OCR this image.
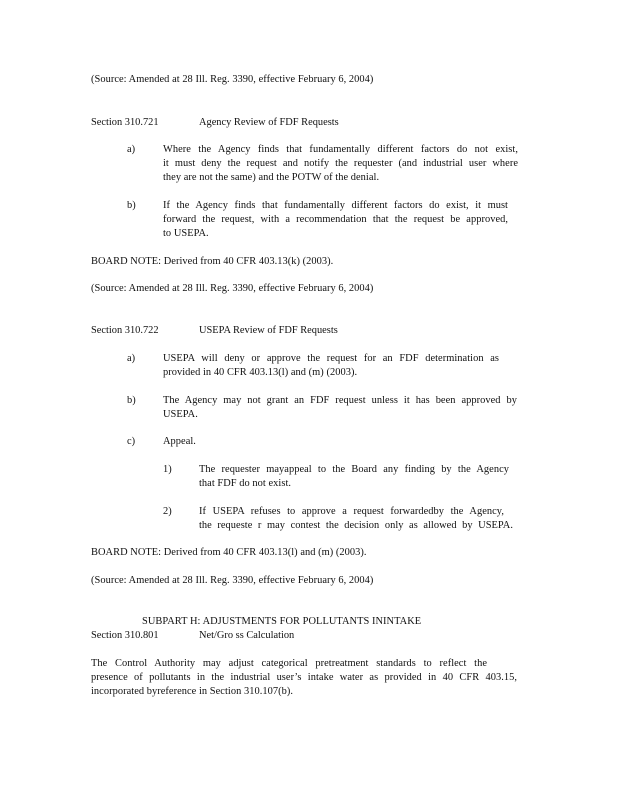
(Source: Amended at 28 Ill. Reg. 3390, effective February 6, 2004)
Section 310.721	Agency Review of FDF Requests
a)	Where the Agency finds that fundamentally different factors do not exist,
it must deny the request and notify the requester (and industrial user where
they are not the same) and the POTW of the denial.
b)	If the Agency finds that fundamentally different factors do exist, it must
forward the request, with a recommendation that the request be approved,
to USEPA.
BOARD NOTE: Derived from 40 CFR 403.13(k) (2003).
(Source: Amended at 28 Ill. Reg. 3390, effective February 6, 2004)
Section 310.722	USEPA Review of FDF Requests
a)	USEPA will deny or approve the request for an FDF determination as
provided in 40 CFR 403.13(l) and (m) (2003).
b)	The Agency may not grant an FDF request unless it has been approved by
USEPA.
c)	Appeal.
1)	The requester mayappeal to the Board any finding by the Agency
that FDF do not exist.
2)	If USEPA refuses to approve a request forwardedby the Agency,
the requeste r may contest the decision only as allowed by USEPA.
BOARD NOTE: Derived from 40 CFR 403.13(l) and (m) (2003).
(Source: Amended at 28 Ill. Reg. 3390, effective February 6, 2004)
SUBPART H: ADJUSTMENTS FOR POLLUTANTS ININTAKE
Section 310.801	Net/Gro ss Calculation
The Control Authority may adjust categorical pretreatment standards to reflect the
presence of pollutants in the industrial user’s intake water as provided in 40 CFR 403.15,
incorporated byreference in Section 310.107(b).
